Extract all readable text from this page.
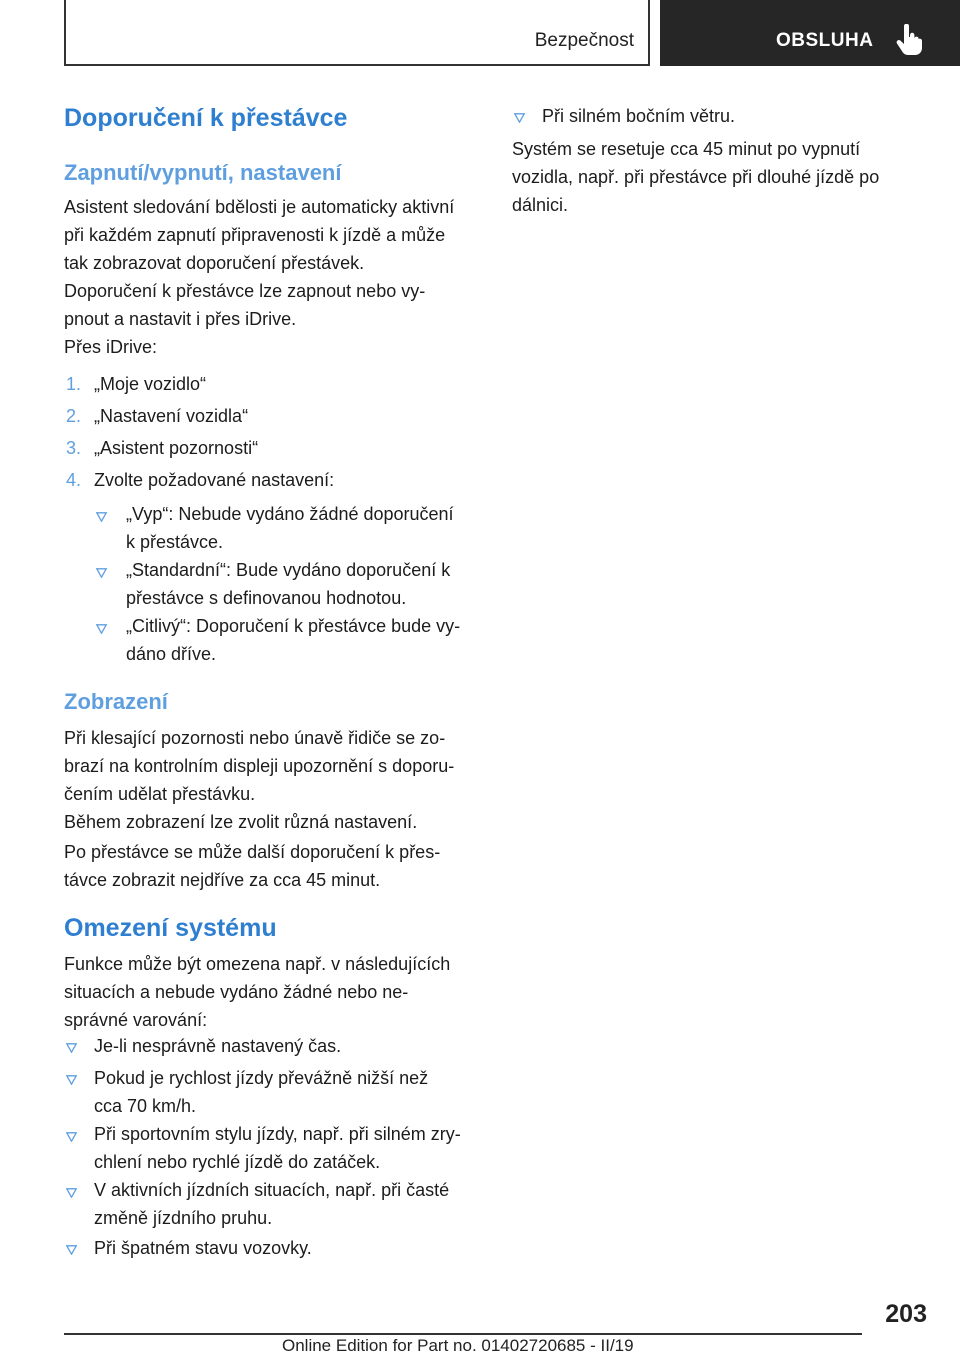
Bezpečnost	OBSLUHA
Doporučení k přestávce
Zapnutí/vypnutí, nastavení
Asistent sledování bdělosti je automaticky aktivní
při každém zapnutí připravenosti k jízdě a může
tak zobrazovat doporučení přestávek.
Doporučení k přestávce lze zapnout nebo vy‐
pnout a nastavit i přes iDrive.
Přes iDrive:
1. „Moje vozidlo“
2. „Nastavení vozidla“
3. „Asistent pozornosti“
4. Zvolte požadované nastavení:
„Vyp“: Nebude vydáno žádné doporučení
k přestávce.
„Standardní“: Bude vydáno doporučení k
přestávce s definovanou hodnotou.
„Citlivý“: Doporučení k přestávce bude vy‐
dáno dříve.
Zobrazení
Při klesající pozornosti nebo únavě řidiče se zo‐
brazí na kontrolním displeji upozornění s doporu‐
čením udělat přestávku.
Během zobrazení lze zvolit různá nastavení.
Po přestávce se může další doporučení k přes‐
távce zobrazit nejdříve za cca 45 minut.
Omezení systému
Funkce může být omezena např. v následujících
situacích a nebude vydáno žádné nebo ne‐
správné varování:
Je-li nesprávně nastavený čas.
Pokud je rychlost jízdy převážně nižší než
cca 70 km/h.
Při sportovním stylu jízdy, např. při silném zry‐
chlení nebo rychlé jízdě do zatáček.
V aktivních jízdních situacích, např. při časté
změně jízdního pruhu.
Při špatném stavu vozovky.
Při silném bočním větru.
Systém se resetuje cca 45 minut po vypnutí
vozidla, např. při přestávce při dlouhé jízdě po
dálnici.
203
Online Edition for Part no. 01402720685 - II/19
